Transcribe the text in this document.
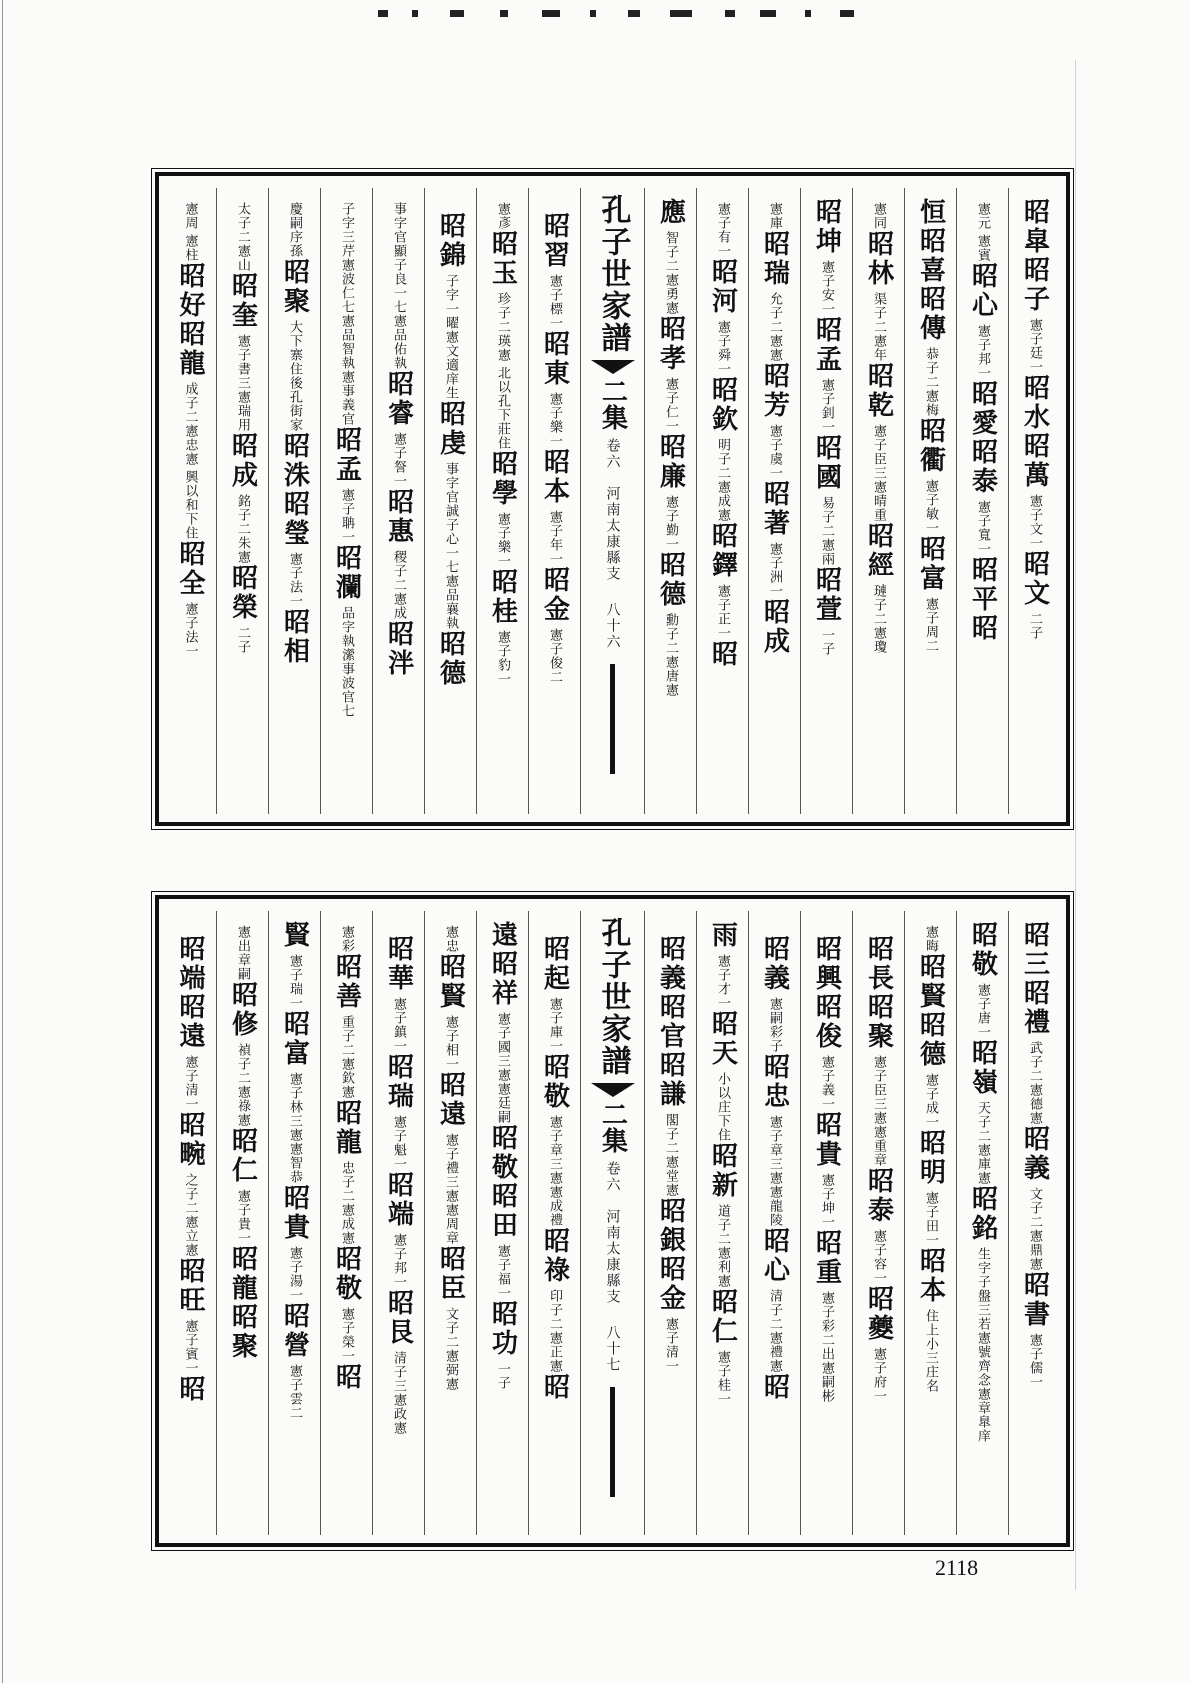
昭
皐
昭
子
憲子廷一
昭
水
昭
萬
憲子文一
昭
文
二子
憲元
憲賓
昭
心
憲子邦一
昭
愛
昭
泰
憲子寬一
昭
平
昭
恒
昭
喜
昭
傳
恭子二憲梅
昭
衢
憲子敏一
昭
富
憲子周二
憲同
昭
林
渠子二憲年
昭
乾
憲子臣三憲晴重
昭
經
璉子二憲瓊
昭
坤
憲子安一
昭
孟
憲子釗一
昭
國
易子二憲兩
昭
萱
一子
憲庫
昭
瑞
允子二憲憲
昭
芳
憲子虞一
昭
著
憲子洲一
昭
成
憲子有一
昭
河
憲子舜一
昭
欽
明子二憲成憲
昭
鐸
憲子正一
昭
應
智子二憲勇憲
昭
孝
憲子仁一
昭
廉
憲子勤一
昭
德
勳子二憲唐憲
孔子世家譜
二集
卷六　河南太康縣支
八十六
昭
習
憲子標一
昭
東
憲子樂一
昭
本
憲子年一
昭
金
憲子俊二
憲彥
昭
玉
珍子二瑛憲
北以孔下莊住
昭
學
憲子樂一
昭
桂
憲子豹一
昭
錦
子字一曜憲文適庠生
昭
虔
事字官誠子心一七憲品襄執
昭
德
事字官顯子良一七憲品佑執
昭
睿
憲子詧一
昭
惠
稷子二憲成
昭
泮
子字三芹憲波仁七憲品智執憲事義官
昭
孟
憲子聃一
昭
瀾
品字執瀠事波官七
慶嗣序孫
昭
聚
大下寨住後孔街家
昭
洙
昭
瑩
憲子法一
昭
相
太子二憲山
昭
奎
憲子書三憲瑞用
昭
成
銘子二朱憲
昭
榮
二子
憲周
憲柱
昭
好
昭
龍
成子二憲忠憲
興以和下住
昭
全
憲子法一
昭
三
昭
禮
武子二憲德憲
昭
義
文子二憲鼎憲
昭
書
憲子儒一
昭
敬
憲子唐一
昭
嶺
天子二憲庫憲
昭
銘
生字子盤三若憲號齊念憲章臯庠
憲晦
昭
賢
昭
德
憲子成一
昭
明
憲子田一
昭
本
住上小三庄名
昭
長
昭
聚
憲子臣三憲憲重章
昭
泰
憲子容一
昭
夔
憲子府一
昭
興
昭
俊
憲子義一
昭
貴
憲子坤一
昭
重
憲子彩二出憲嗣彬
昭
義
憲嗣彩子
昭
忠
憲子章三憲憲龍陵
昭
心
清子二憲禮憲
昭
雨
憲子才一
昭
天
小以庄下住
昭
新
道子二憲利憲
昭
仁
憲子桂一
昭
義
昭
官
昭
謙
閣子二憲堂憲
昭
銀
昭
金
憲子清一
孔子世家譜
二集
卷六　河南太康縣支
八十七
昭
起
憲子庫一
昭
敬
憲子章三憲憲成禮
昭
祿
印子二憲正憲
昭
遠
昭
祥
憲子國三憲憲廷嗣
昭
敬
昭
田
憲子福一
昭
功
一子
憲忠
昭
賢
憲子相一
昭
遠
憲子禮三憲憲周章
昭
臣
文子二憲弼憲
昭
華
憲子鎮一
昭
瑞
憲子魁一
昭
端
憲子邦一
昭
艮
清子三憲政憲
憲彩
昭
善
重子二憲欽憲
昭
龍
忠子二憲成憲
昭
敬
憲子榮一
昭
賢
憲子瑞一
昭
富
憲子林三憲憲智恭
昭
貴
憲子湯一
昭
營
憲子雲二
憲出章嗣
昭
修
禎子二憲祿憲
昭
仁
憲子貴一
昭
龍
昭
聚
昭
端
昭
遠
憲子清一
昭
畹
之子二憲立憲
昭
旺
憲子賓一
昭
2118
